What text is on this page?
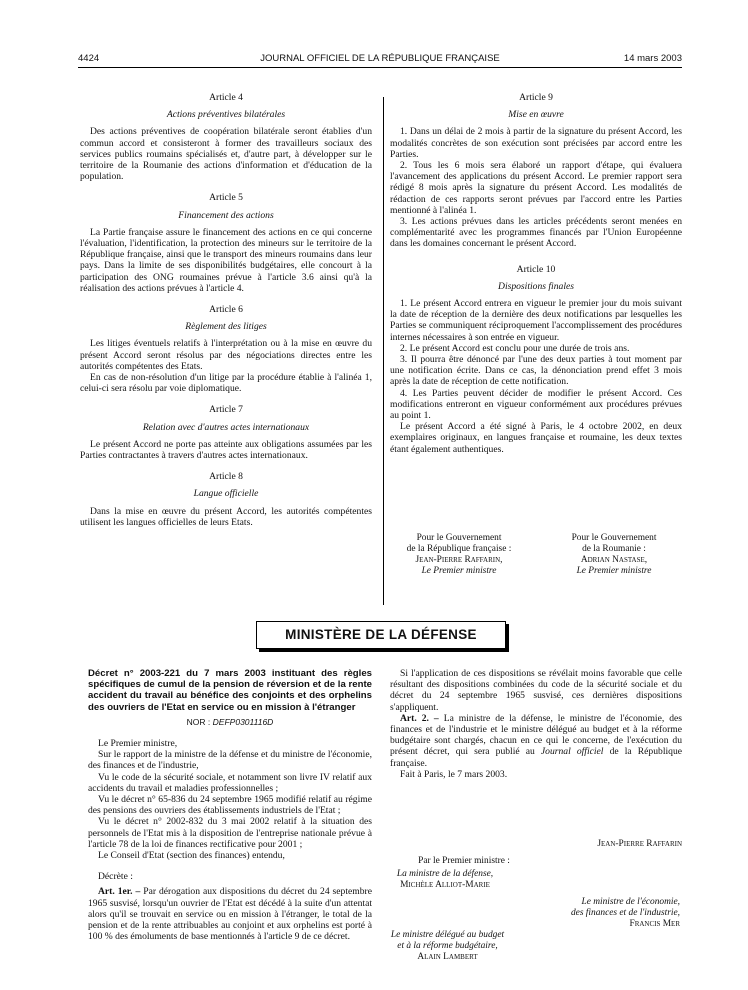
4424	JOURNAL OFFICIEL DE LA RÉPUBLIQUE FRANÇAISE	14 mars 2003

Article 4

Actions préventives bilatérales

Des actions préventives de coopération bilatérale seront établies d'un commun accord et consisteront à former des travailleurs sociaux des services publics roumains spécialisés et, d'autre part, à développer sur le territoire de la Roumanie des actions d'information et d'éducation de la population.

Article 5

Financement des actions

La Partie française assure le financement des actions en ce qui concerne l'évaluation, l'identification, la protection des mineurs sur le territoire de la République française, ainsi que le transport des mineurs roumains dans leur pays. Dans la limite de ses disponibilités budgétaires, elle concourt à la participation des ONG roumaines prévue à l'article 3.6 ainsi qu'à la réalisation des actions prévues à l'article 4.

Article 6

Règlement des litiges

Les litiges éventuels relatifs à l'interprétation ou à la mise en œuvre du présent Accord seront résolus par des négociations directes entre les autorités compétentes des Etats.

En cas de non-résolution d'un litige par la procédure établie à l'alinéa 1, celui-ci sera résolu par voie diplomatique.

Article 7

Relation avec d'autres actes internationaux

Le présent Accord ne porte pas atteinte aux obligations assumées par les Parties contractantes à travers d'autres actes internationaux.

Article 8

Langue officielle

Dans la mise en œuvre du présent Accord, les autorités compétentes utilisent les langues officielles de leurs Etats.

Article 9

Mise en œuvre

1. Dans un délai de 2 mois à partir de la signature du présent Accord, les modalités concrètes de son exécution sont précisées par accord entre les Parties.

2. Tous les 6 mois sera élaboré un rapport d'étape, qui évaluera l'avancement des applications du présent Accord. Le premier rapport sera rédigé 8 mois après la signature du présent Accord. Les modalités de rédaction de ces rapports seront prévues par l'accord entre les Parties mentionné à l'alinéa 1.

3. Les actions prévues dans les articles précédents seront menées en complémentarité avec les programmes financés par l'Union Européenne dans les domaines concernant le présent Accord.

Article 10

Dispositions finales

1. Le présent Accord entrera en vigueur le premier jour du mois suivant la date de réception de la dernière des deux notifications par lesquelles les Parties se communiquent réciproquement l'accomplissement des procédures internes nécessaires à son entrée en vigueur.

2. Le présent Accord est conclu pour une durée de trois ans.

3. Il pourra être dénoncé par l'une des deux parties à tout moment par une notification écrite. Dans ce cas, la dénonciation prend effet 3 mois après la date de réception de cette notification.

4. Les Parties peuvent décider de modifier le présent Accord. Ces modifications entreront en vigueur conformément aux procédures prévues au point 1.

Le présent Accord a été signé à Paris, le 4 octobre 2002, en deux exemplaires originaux, en langues française et roumaine, les deux textes étant également authentiques.

Pour le Gouvernement
de la République française :
Jean-Pierre Raffarin,
Le Premier ministre
Pour le Gouvernement
de la Roumanie :
Adrian Nastase,
Le Premier ministre
MINISTÈRE DE LA DÉFENSE
Décret n° 2003-221 du 7 mars 2003 instituant des règles spécifiques de cumul de la pension de réversion et de la rente accident du travail au bénéfice des conjoints et des orphelins des ouvriers de l'Etat en service ou en mission à l'étranger
NOR : DEFP0301116D

Le Premier ministre,

Sur le rapport de la ministre de la défense et du ministre de l'économie, des finances et de l'industrie,

Vu le code de la sécurité sociale, et notamment son livre IV relatif aux accidents du travail et maladies professionnelles ;

Vu le décret n° 65-836 du 24 septembre 1965 modifié relatif au régime des pensions des ouvriers des établissements industriels de l'Etat ;

Vu le décret n° 2002-832 du 3 mai 2002 relatif à la situation des personnels de l'Etat mis à la disposition de l'entreprise nationale prévue à l'article 78 de la loi de finances rectificative pour 2001 ;

Le Conseil d'Etat (section des finances) entendu,

Décrète :

Art. 1er. – Par dérogation aux dispositions du décret du 24 septembre 1965 susvisé, lorsqu'un ouvrier de l'Etat est décédé à la suite d'un attentat alors qu'il se trouvait en service ou en mission à l'étranger, le total de la pension et de la rente attribuables au conjoint et aux orphelins est porté à 100 % des émoluments de base mentionnés à l'article 9 de ce décret.

Si l'application de ces dispositions se révélait moins favorable que celle résultant des dispositions combinées du code de la sécurité sociale et du décret du 24 septembre 1965 susvisé, ces dernières dispositions s'appliquent.

Art. 2. – La ministre de la défense, le ministre de l'économie, des finances et de l'industrie et le ministre délégué au budget et à la réforme budgétaire sont chargés, chacun en ce qui le concerne, de l'exécution du présent décret, qui sera publié au Journal officiel de la République française.

Fait à Paris, le 7 mars 2003.

Jean-Pierre Raffarin
Par le Premier ministre :
La ministre de la défense,
Michèle Alliot-Marie
Le ministre de l'économie,
des finances et de l'industrie,
Francis Mer
Le ministre délégué au budget
et à la réforme budgétaire,
Alain Lambert
